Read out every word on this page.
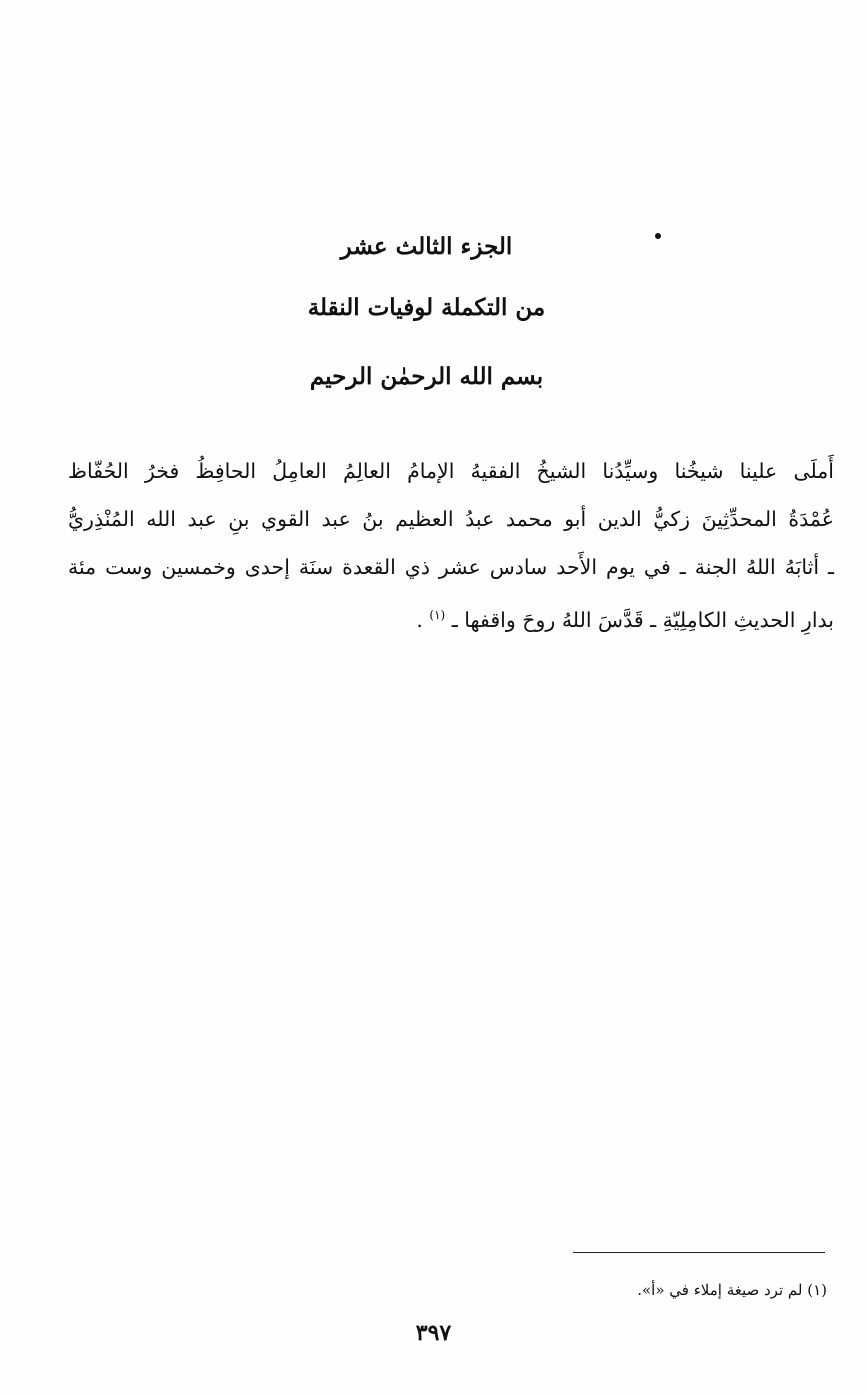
الجزء الثالث عشر
من التكملة لوفيات النقلة
بسم الله الرحمٰن الرحيم
أَملَى علينا شيخُنا وسيِّدُنا الشيخُ الفقيهُ الإمامُ العالِمُ العامِلُ الحافِظُ فخرُ الحُفّاظ
عُمْدَةُ المحدِّثِينَ زكيُّ الدين أبو محمد عبدُ العظيم بنُ عبد القوي بنِ عبد الله المُنْذِريُّ
ـ أثابَهُ اللهُ الجنة ـ في يوم الأَحد سادس عشر ذي القعدة سنَة إحدى وخمسين وست مئة
بدارِ الحديثِ الكامِلِيّةِ ـ قَدَّسَ اللهُ روحَ واقفها ـ $^{(١)}$ .
(١) لم ترد صيغة إملاء في «أ».
٣٩٧
